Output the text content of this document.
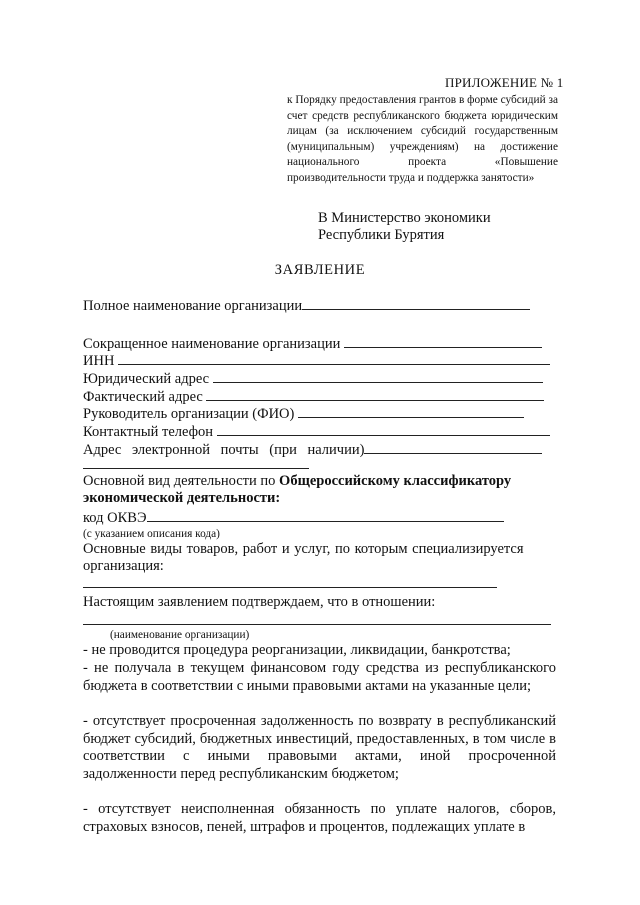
ПРИЛОЖЕНИЕ № 1
к Порядку предоставления грантов в форме субсидий за счет средств республиканского бюджета юридическим лицам (за исключением субсидий государственным (муниципальным) учреждениям) на достижение национального проекта «Повышение производительности труда и поддержка занятости»
В Министерство экономики
Республики Бурятия
ЗАЯВЛЕНИЕ
Полное наименование организации
Сокращенное наименование организации
ИНН
Юридический адрес
Фактический адрес
Руководитель организации (ФИО)
Контактный телефон
Адрес электронной почты (при наличии)
Основной вид деятельности по Общероссийскому классификатору
экономической деятельности:
код ОКВЭ
(с указанием описания кода)
Основные виды товаров, работ и услуг, по которым специализируется
организация:
Настоящим заявлением подтверждаем, что в отношении:
(наименование организации)
- не проводится процедура реорганизации, ликвидации, банкротства;
- не получала в текущем финансовом году средства из республиканского бюджета в соответствии с иными правовыми актами на указанные цели;
- отсутствует просроченная задолженность по возврату в республиканский бюджет субсидий, бюджетных инвестиций, предоставленных, в том числе в соответствии с иными правовыми актами, иной просроченной задолженности перед республиканским бюджетом;
- отсутствует неисполненная обязанность по уплате налогов, сборов, страховых взносов, пеней, штрафов и процентов, подлежащих уплате в
